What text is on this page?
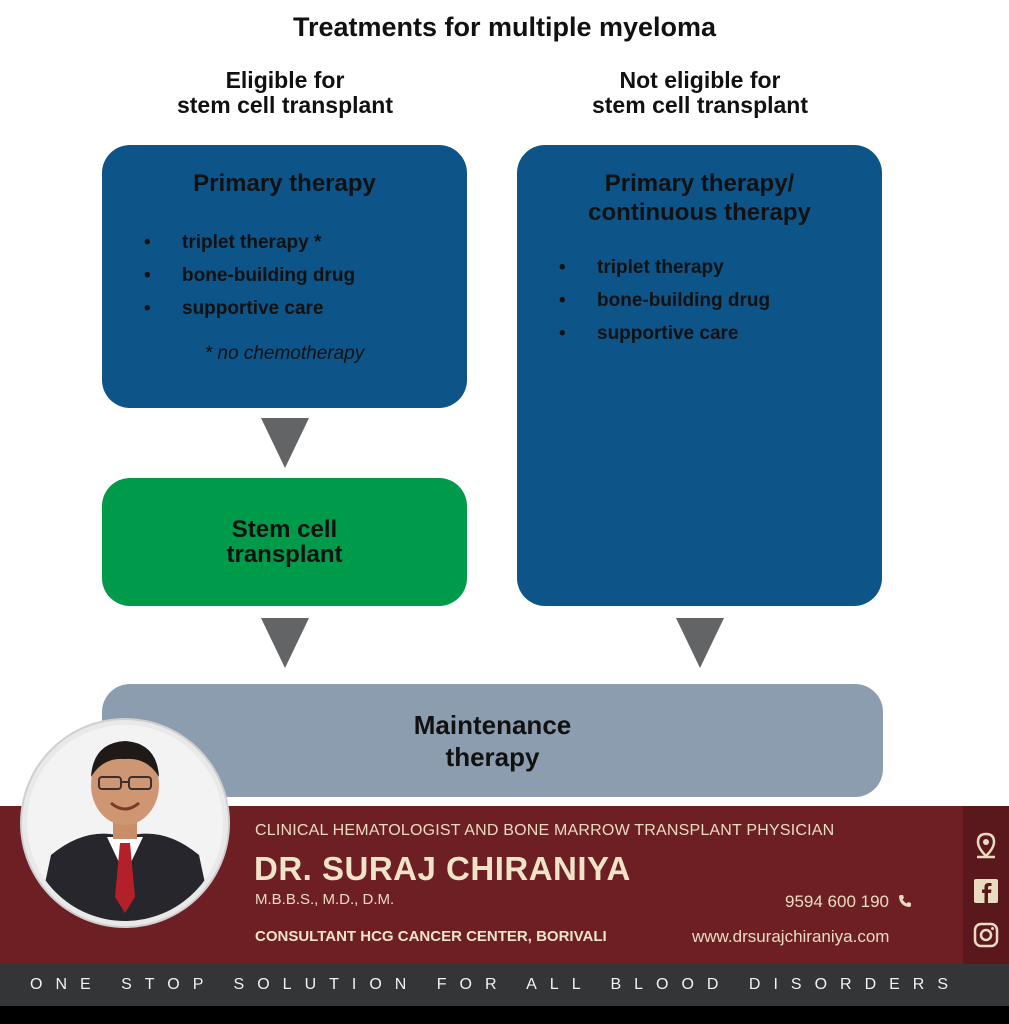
Treatments for multiple myeloma
Eligible for
stem cell transplant
Not eligible for
stem cell transplant
Primary therapy
• triplet therapy *
• bone-building drug
• supportive care
* no chemotherapy
Primary therapy/
continuous therapy
• triplet therapy
• bone-building drug
• supportive care
Stem cell
transplant
Maintenance
therapy
CLINICAL HEMATOLOGIST AND BONE MARROW TRANSPLANT PHYSICIAN
DR. SURAJ CHIRANIYA
M.B.B.S., M.D., D.M.
CONSULTANT HCG CANCER CENTER, BORIVALI
9594 600 190
www.drsurajchiraniya.com
ONE STOP SOLUTION FOR ALL BLOOD DISORDERS
